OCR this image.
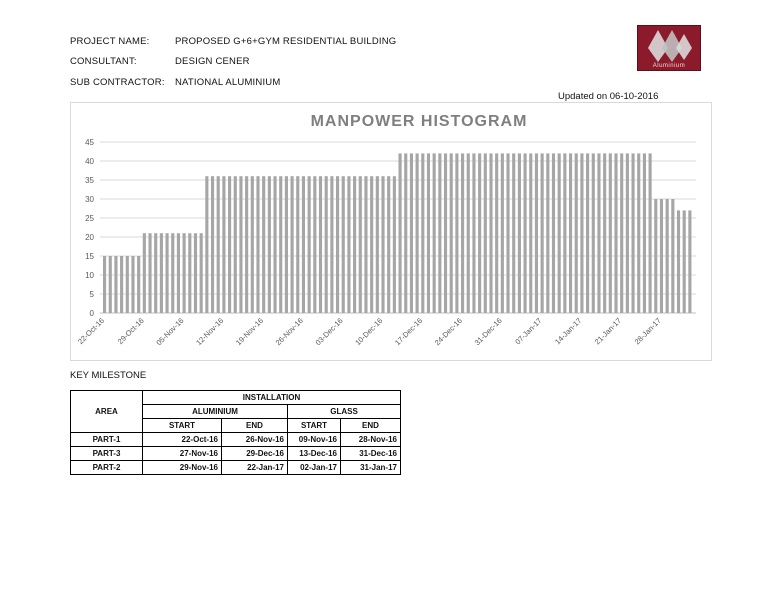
PROJECT NAME:	PROPOSED G+6+GYM RESIDENTIAL BUILDING
CONSULTANT:	DESIGN CENER
SUB CONTRACTOR: NATIONAL ALUMINIUM
Aluminium
Updated on 06-10-2016
MANPOWER HISTOGRAM
0
5
10
15
20
25
30
35
40
45
22-Oct-16 29-Oct-16 05-Nov-16 12-Nov-16 19-Nov-16 26-Nov-16 03-Dec-16 10-Dec-16 17-Dec-16 24-Dec-16 31-Dec-16 07-Jan-17 14-Jan-17 21-Jan-17 28-Jan-17
KEY MILESTONE
AREA	INSTALLATION			
	ALUMINIUM		GLASS	
	START	END	START	END
PART-1	22-Oct-16	26-Nov-16	09-Nov-16	28-Nov-16
PART-3	27-Nov-16	29-Dec-16	13-Dec-16	31-Dec-16
PART-2	29-Nov-16	22-Jan-17	02-Jan-17	31-Jan-17
